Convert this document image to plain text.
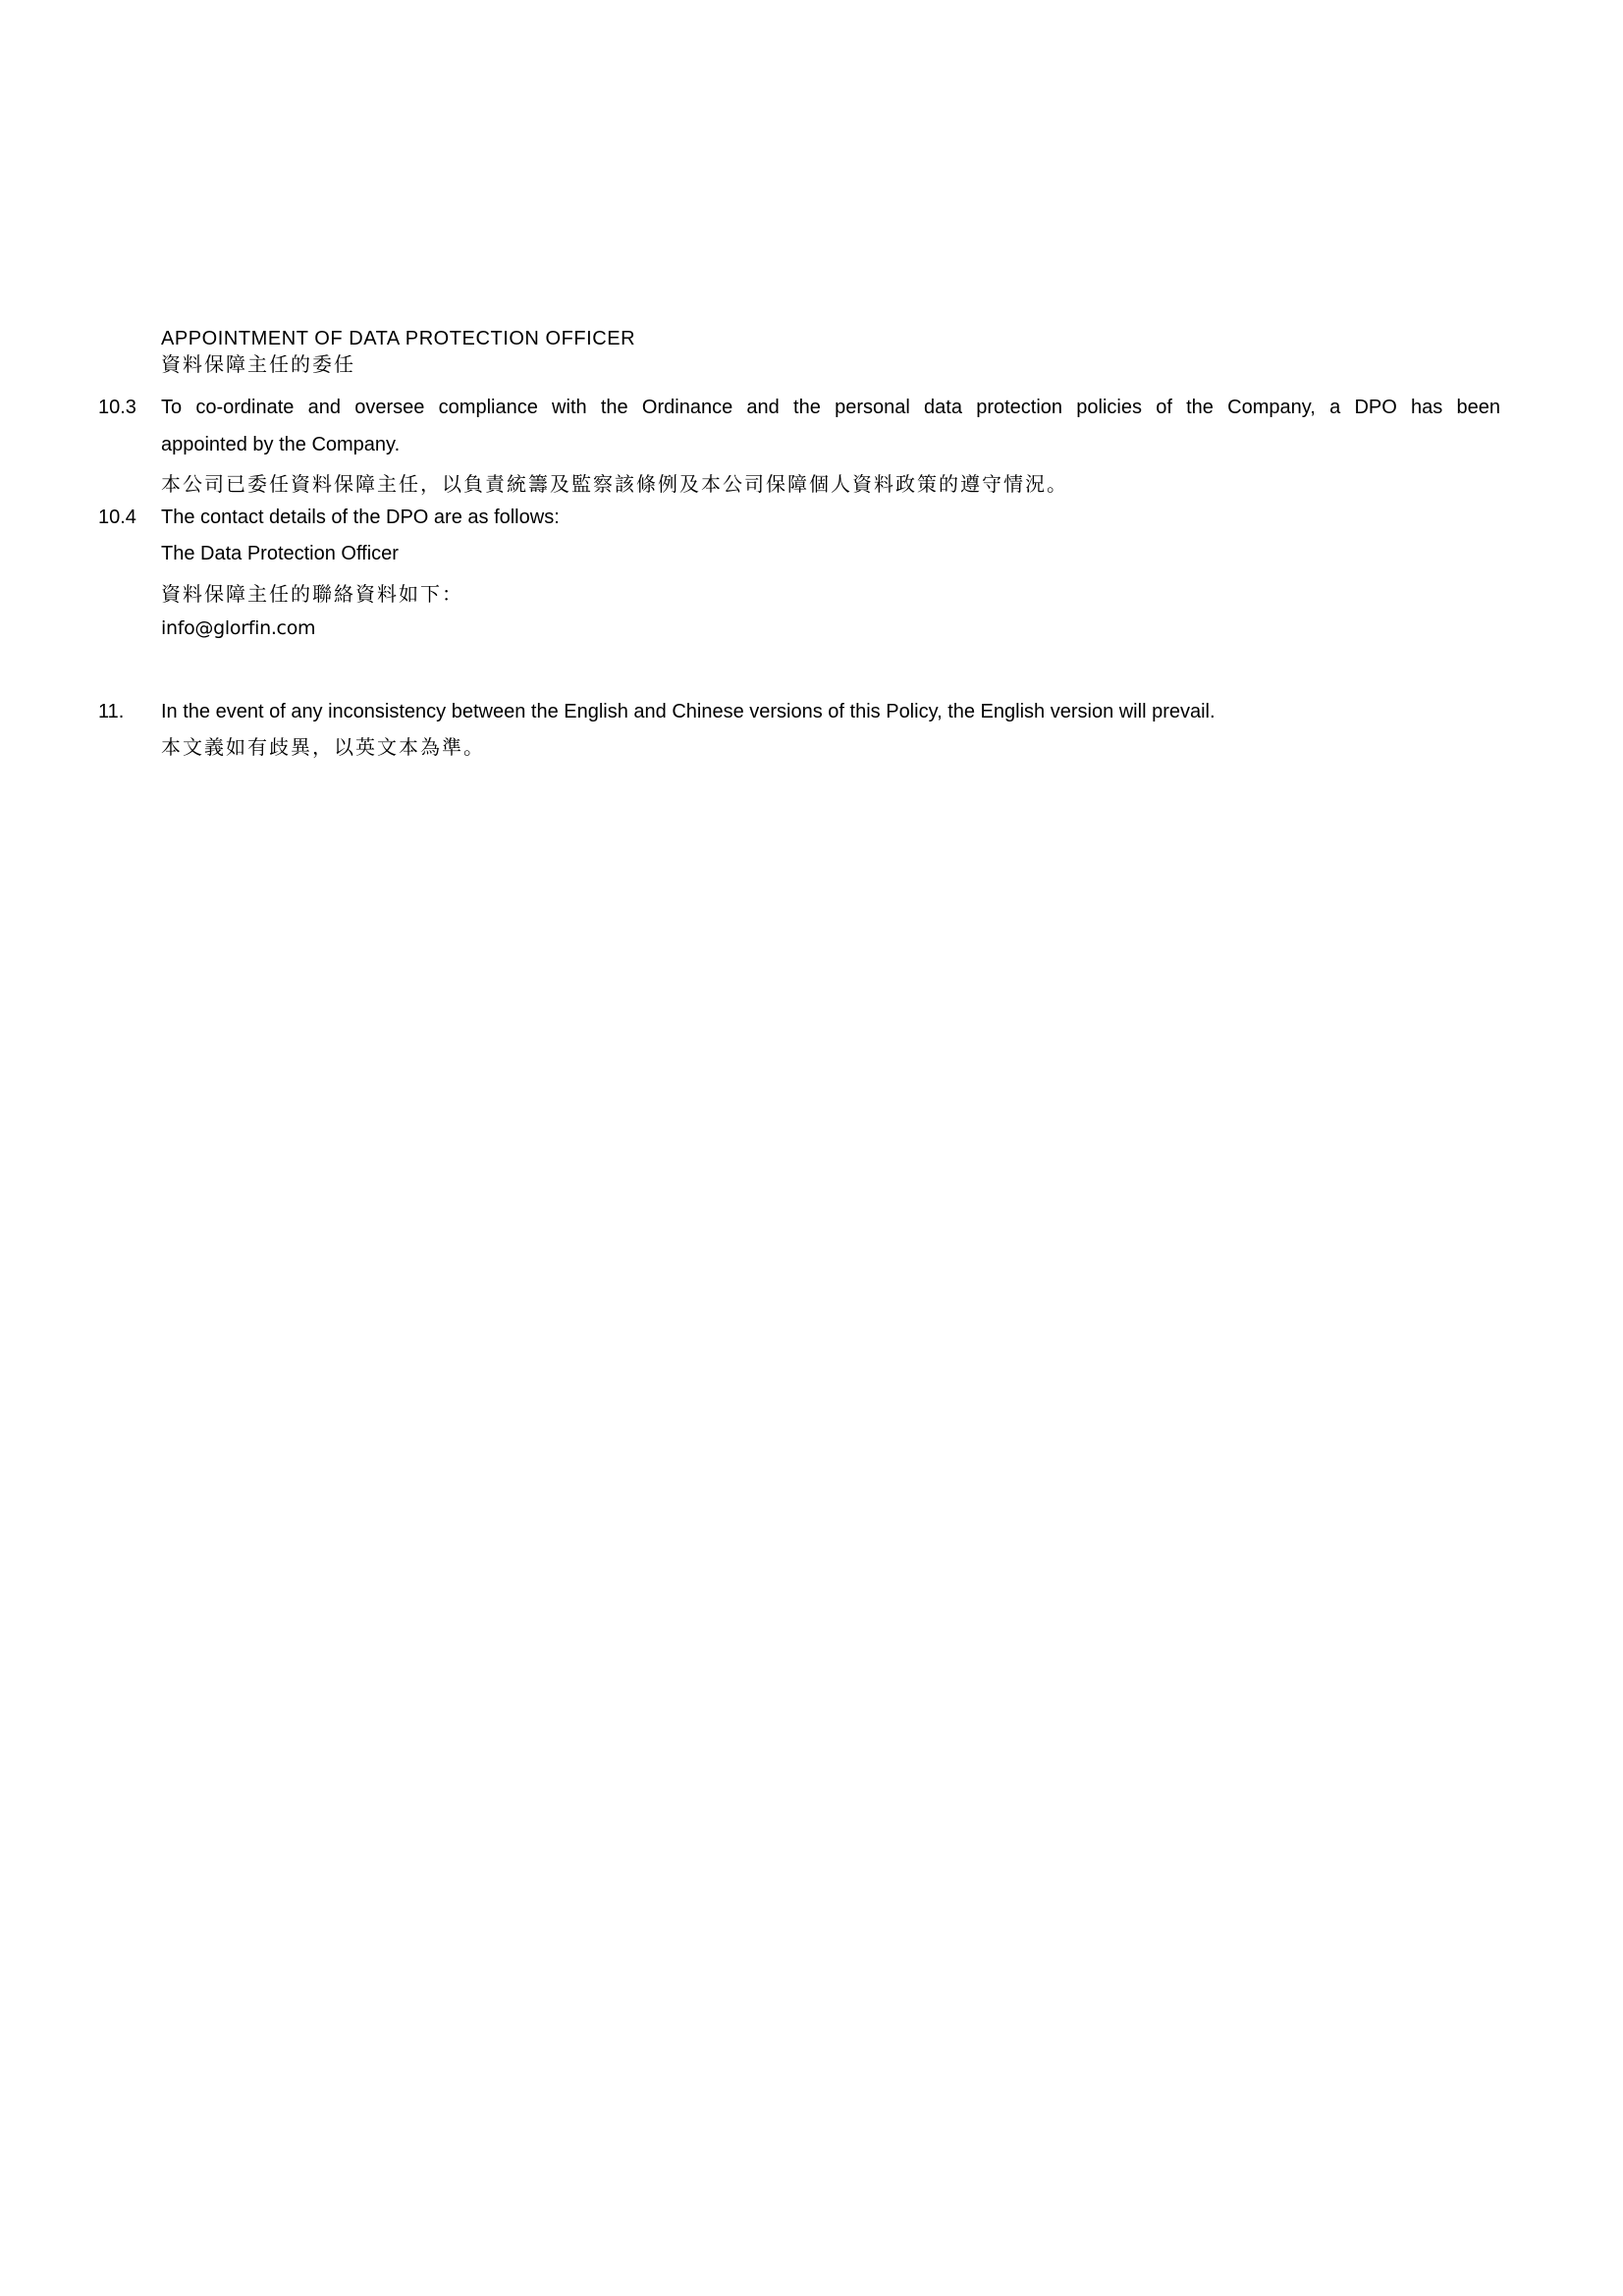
APPOINTMENT OF DATA PROTECTION OFFICER
資料保障主任的委任
10.3 To co-ordinate and oversee compliance with the Ordinance and the personal data protection policies of the Company, a DPO has been
appointed by the Company.
本公司已委任資料保障主任，以負責統籌及監察該條例及本公司保障個人資料政策的遵守情況。
10.4 The contact details of the DPO are as follows:
The Data Protection Officer
資料保障主任的聯絡資料如下：
info@glorfin.com
11. In the event of any inconsistency between the English and Chinese versions of this Policy, the English version will prevail.
本文義如有歧異，以英文本為準。
